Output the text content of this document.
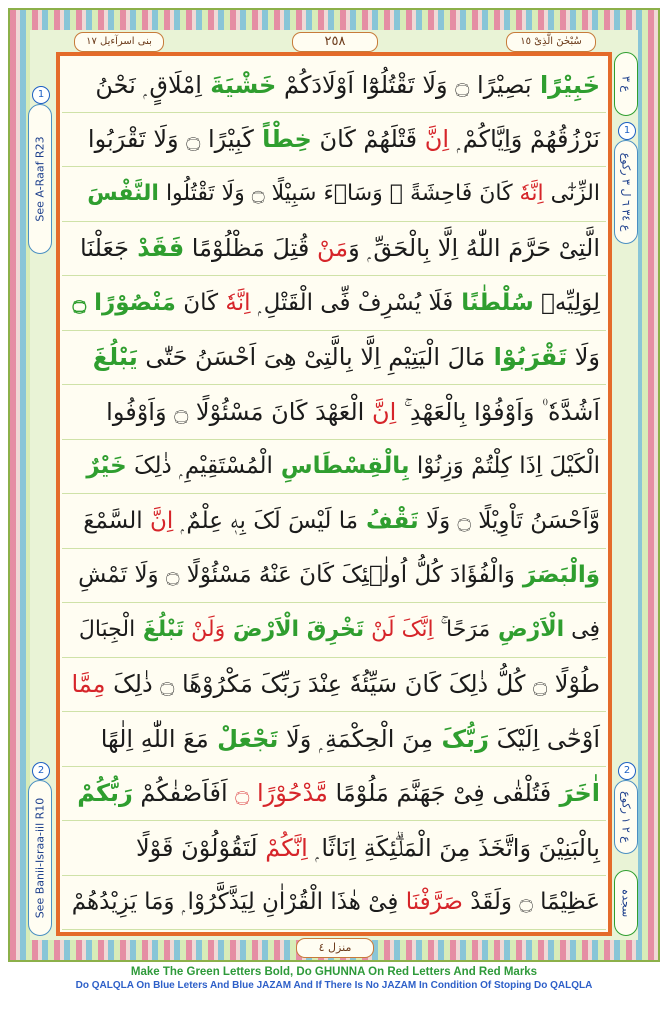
بنی اسرآءیل ١٧	٢٥٨	سُبْحٰنَ الَّذِیْ ١٥
خَبِیْرًا بَصِیْرًا ۝ وَلَا تَقْتُلُوْٓا اَوْلَادَکُمْ خَشْیَةَ اِمْلَاقٍ ۭ نَحْنُ
نَرْزُقُهُمْ وَاِیَّاکُمْ ۭ اِنَّ قَتْلَهُمْ کَانَ خِطْاً کَبِیْرًا ۝ وَلَا تَقْرَبُوا
الزِّنٰٓی اِنَّهٗ کَانَ فَاحِشَةً ۭ وَسَاۗءَ سَبِیْلًا ۝ وَلَا تَقْتُلُوا النَّفْسَ
الَّتِیْ حَرَّمَ اللّٰهُ اِلَّا بِالْحَقِّ ۭ وَمَنْ قُتِلَ مَظْلُوْمًا فَقَدْ جَعَلْنَا
لِوَلِیِّهٖ سُلْطٰنًا فَلَا یُسْرِفْ فِّی الْقَتْلِ ۭ اِنَّهٗ کَانَ مَنْصُوْرًا ۝
وَلَا تَقْرَبُوْا مَالَ الْیَتِیْمِ اِلَّا بِالَّتِیْ هِیَ اَحْسَنُ حَتّٰی یَبْلُغَ
اَشُدَّهٗ ۠ وَاَوْفُوْا بِالْعَهْدِ ۚ اِنَّ الْعَهْدَ کَانَ مَسْئُوْلًا ۝ وَاَوْفُوا
الْکَیْلَ اِذَا کِلْتُمْ وَزِنُوْا بِالْقِسْطَاسِ الْمُسْتَقِیْمِ ۭ ذٰلِکَ خَیْرٌ
وَّاَحْسَنُ تَاْوِیْلًا ۝ وَلَا تَقْفُ مَا لَیْسَ لَکَ بِهٖ عِلْمٌ ۭ اِنَّ السَّمْعَ
وَالْبَصَرَ وَالْفُؤَادَ کُلُّ اُولٰۗئِکَ کَانَ عَنْهُ مَسْئُوْلًا ۝ وَلَا تَمْشِ
فِی الْاَرْضِ مَرَحًا ۚ اِنَّکَ لَنْ تَخْرِقَ الْاَرْضَ وَلَنْ تَبْلُغَ الْجِبَالَ
طُوْلًا ۝ کُلُّ ذٰلِکَ کَانَ سَیِّئُهٗ عِنْدَ رَبِّکَ مَکْرُوْهًا ۝ ذٰلِکَ مِمَّا
اَوْحٰٓی اِلَیْکَ رَبُّکَ مِنَ الْحِکْمَةِ ۭ وَلَا تَجْعَلْ مَعَ اللّٰهِ اِلٰهًا
اٰخَرَ فَتُلْقٰی فِیْ جَهَنَّمَ مَلُوْمًا مَّدْحُوْرًا ۝ اَفَاَصْفٰکُمْ رَبُّکُمْ
بِالْبَنِیْنَ وَاتَّخَذَ مِنَ الْمَلٰۗئِکَةِ اِنَاثًا ۭ اِنَّکُمْ لَتَقُوْلُوْنَ قَوْلًا
عَظِیْمًا ۝ وَلَقَدْ صَرَّفْنَا فِیْ هٰذَا الْقُرْاٰنِ لِیَذَّکَّرُوْا ۭ وَمَا یَزِیْدُهُمْ
1
See A-Raaf R23
2
See Banii-Israa-iil R10
ع ٣
1
ع ٣٤ ٦ ل ٣ رکوع
2
ع ٢ ١ رکوع
سجدہ
منزل ٤
Make The Green Letters Bold, Do GHUNNA On Red Letters And Red Marks
Do QALQLA On Blue Leters And Blue JAZAM And If There Is No JAZAM In Condition Of Stoping Do QALQLA
